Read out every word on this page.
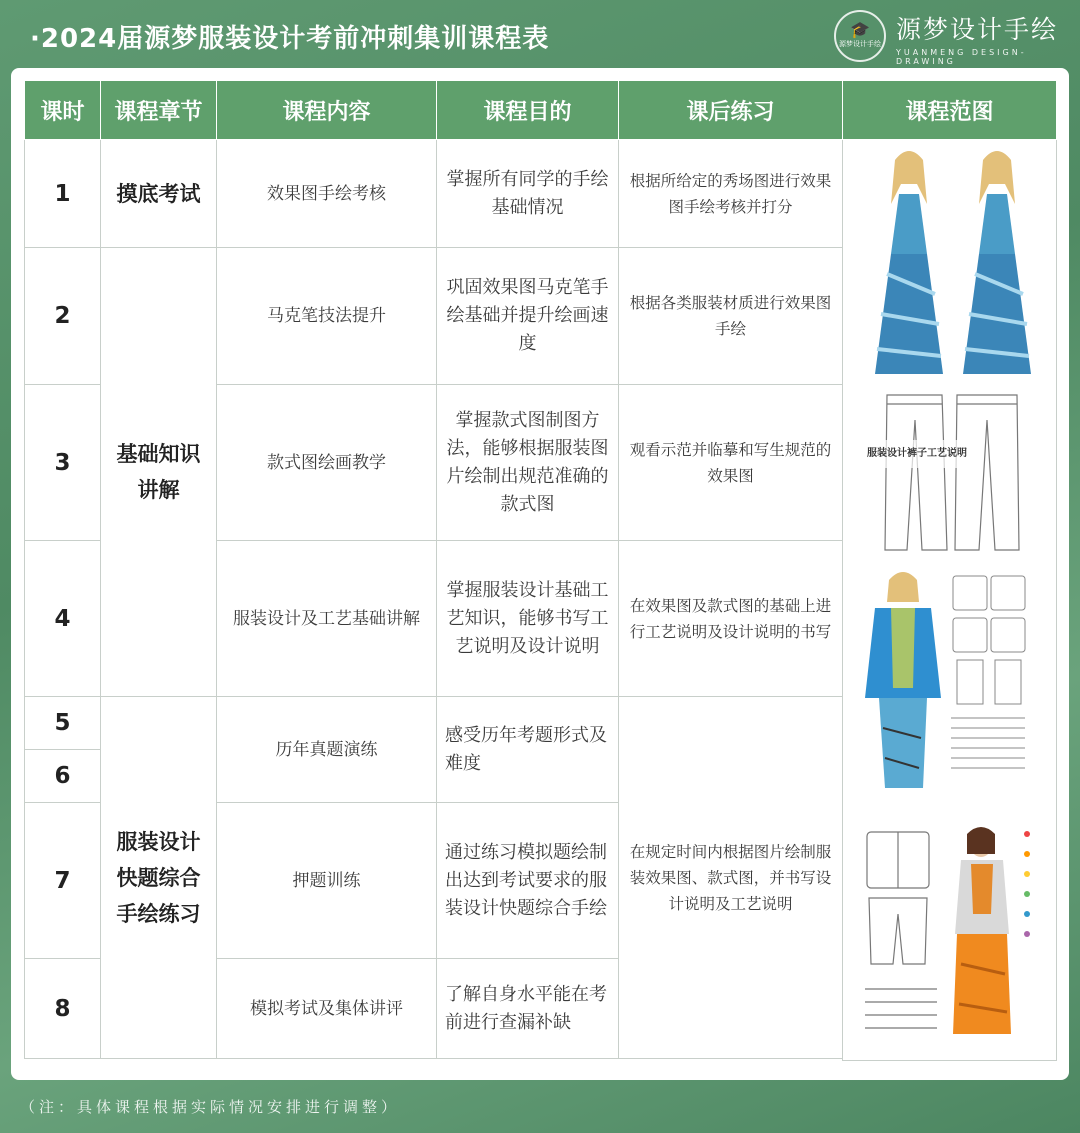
·2024届源梦服装设计考前冲刺集训课程表	🎓
源梦设计手绘 源梦设计手绘
YUANMENG DESIGN-DRAWING
课时	课程章节	课程内容	课程目的	课后练习	课程范图
1	摸底考试	效果图手绘考核	掌握所有同学的手绘基础情况	根据所给定的秀场图进行效果图手绘考核并打分	服装设计裤子工艺说明

2	基础知识讲解	马克笔技法提升	巩固效果图马克笔手绘基础并提升绘画速度	根据各类服装材质进行效果图手绘	
3		款式图绘画教学	掌握款式图制图方法，能够根据服装图片绘制出规范准确的款式图	观看示范并临摹和写生规范的效果图	
4		服装设计及工艺基础讲解	掌握服装设计基础工艺知识，能够书写工艺说明及设计说明	在效果图及款式图的基础上进行工艺说明及设计说明的书写	
5	服装设计快题综合手绘练习	历年真题演练	感受历年考题形式及难度	在规定时间内根据图片绘制服装效果图、款式图，并书写设计说明及工艺说明	
6					
7		押题训练	通过练习模拟题绘制出达到考试要求的服装设计快题综合手绘		
8		模拟考试及集体讲评	了解自身水平能在考前进行查漏补缺		

（注：具体课程根据实际情况安排进行调整）
